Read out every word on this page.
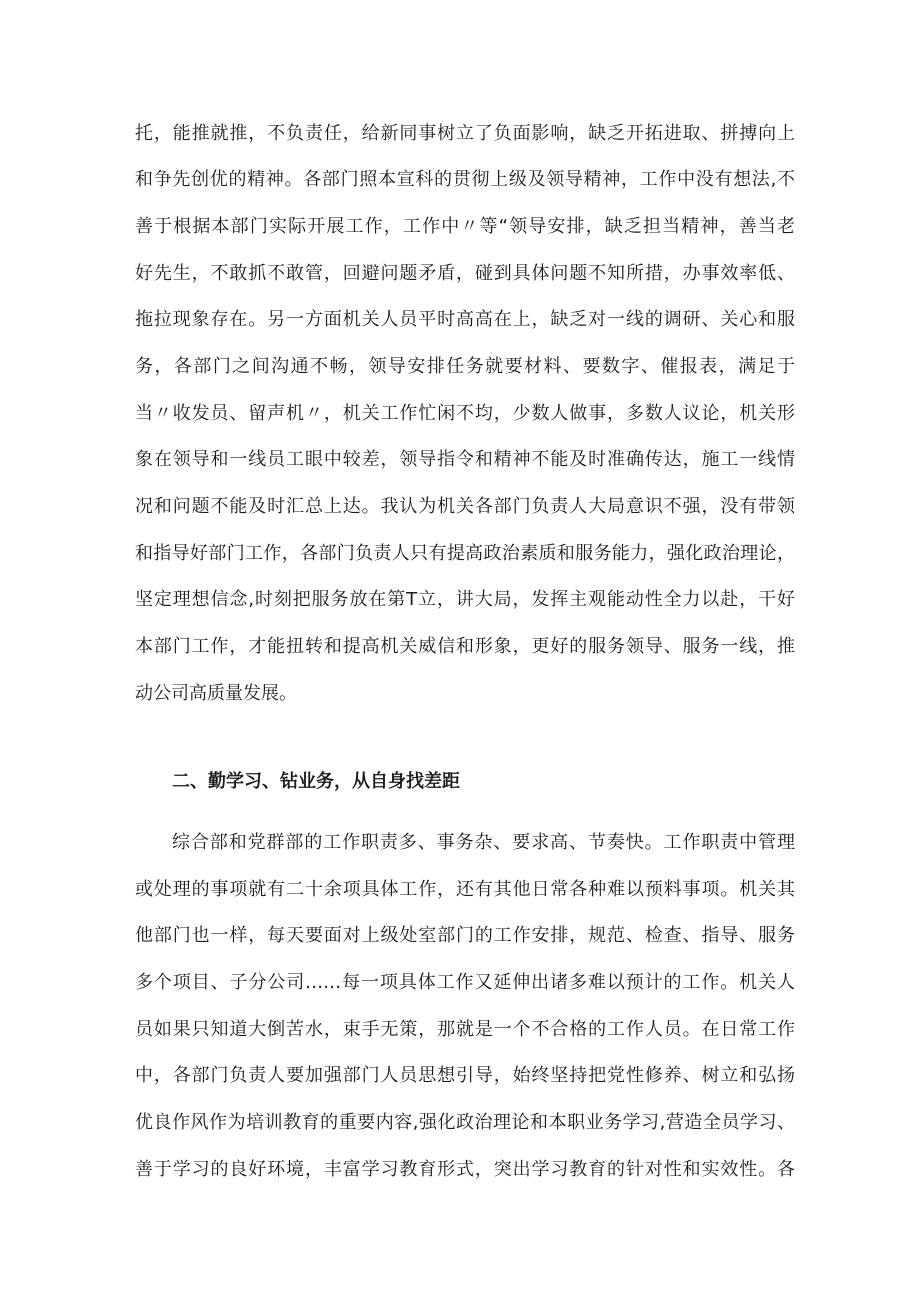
托，能推就推，不负责任，给新同事树立了负面影响，缺乏开拓进取、拼搏向上
和争先创优的精神。各部门照本宣科的贯彻上级及领导精神，工作中没有想法,不
善于根据本部门实际开展工作，工作中〃等“领导安排，缺乏担当精神，善当老
好先生，不敢抓不敢管，回避问题矛盾，碰到具体问题不知所措，办事效率低、
拖拉现象存在。另一方面机关人员平时高高在上，缺乏对一线的调研、关心和服
务，各部门之间沟通不畅，领导安排任务就要材料、要数字、催报表，满足于
当〃收发员、留声机〃，机关工作忙闲不均，少数人做事，多数人议论，机关形
象在领导和一线员工眼中较差，领导指令和精神不能及时准确传达，施工一线情
况和问题不能及时汇总上达。我认为机关各部门负责人大局意识不强，没有带领
和指导好部门工作，各部门负责人只有提高政治素质和服务能力，强化政治理论，
坚定理想信念,时刻把服务放在第T立，讲大局，发挥主观能动性全力以赴，干好
本部门工作，才能扭转和提高机关威信和形象，更好的服务领导、服务一线，推
动公司高质量发展。
二、勤学习、钻业务，从自身找差距
综合部和党群部的工作职责多、事务杂、要求高、节奏快。工作职责中管理
或处理的事项就有二十余项具体工作，还有其他日常各种难以预料事项。机关其
他部门也一样，每天要面对上级处室部门的工作安排，规范、检查、指导、服务
多个项目、子分公司……每一项具体工作又延伸出诸多难以预计的工作。机关人
员如果只知道大倒苦水，束手无策，那就是一个不合格的工作人员。在日常工作
中，各部门负责人要加强部门人员思想引导，始终坚持把党性修养、树立和弘扬
优良作风作为培训教育的重要内容,强化政治理论和本职业务学习,营造全员学习、
善于学习的良好环境，丰富学习教育形式，突出学习教育的针对性和实效性。各
